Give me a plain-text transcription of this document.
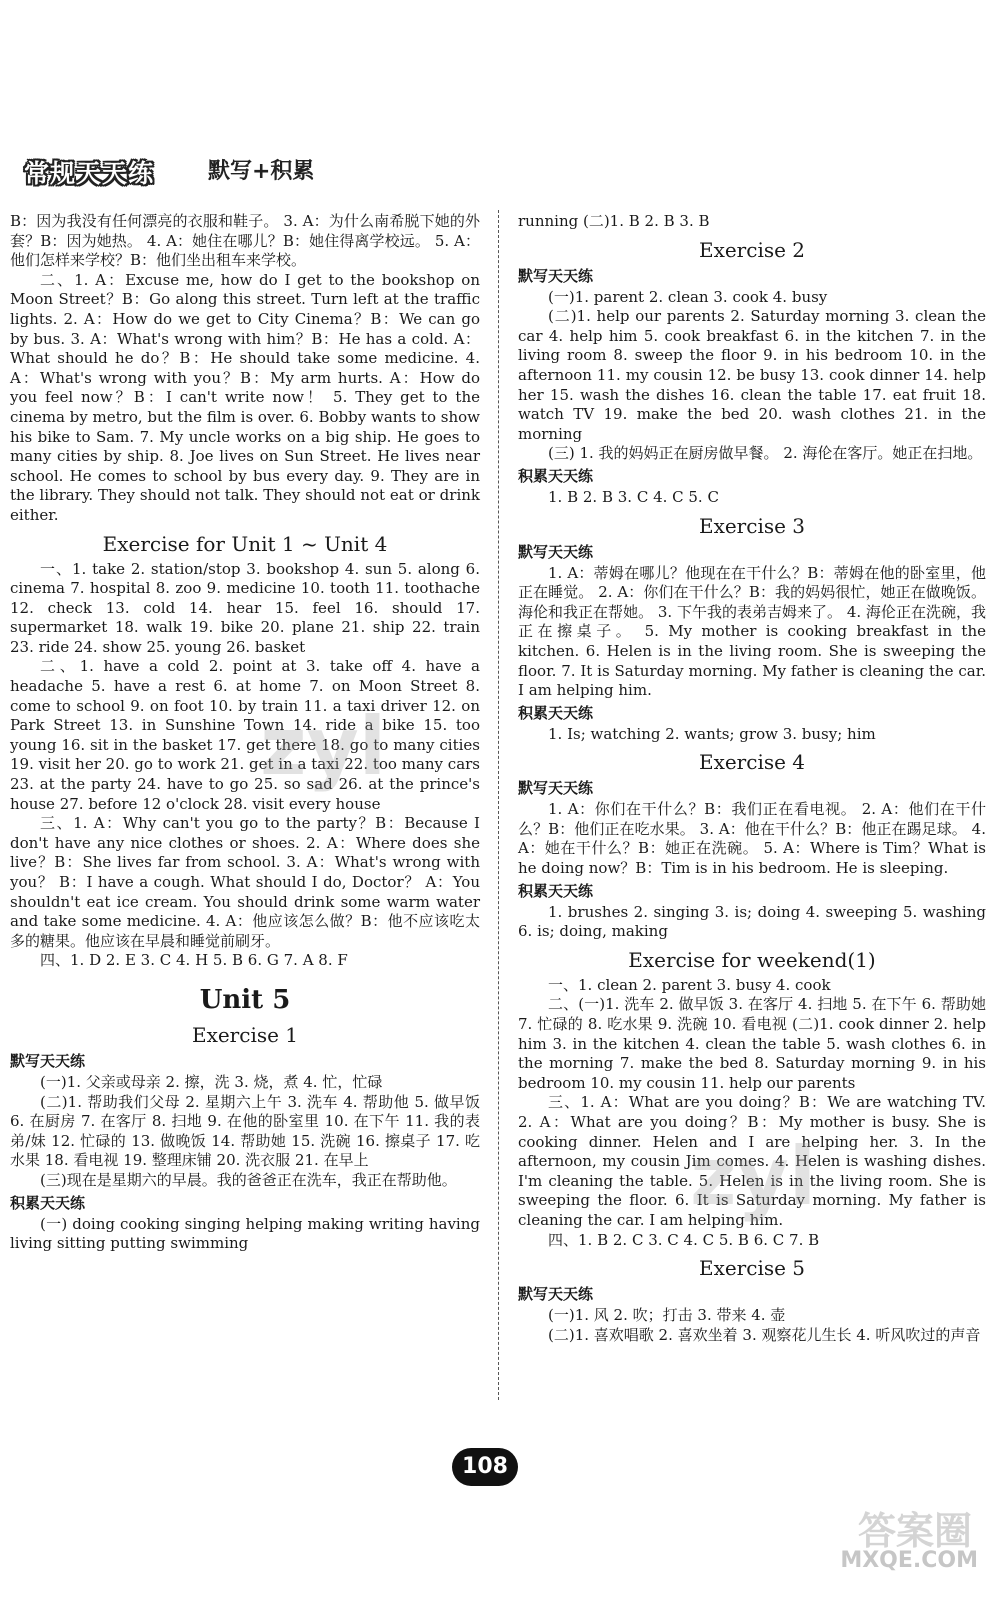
常规天天练 默写+积累

B：因为我没有任何漂亮的衣服和鞋子。 3. A：为什么南希脱下她的外套？B：因为她热。 4. A：她住在哪儿？B：她住得离学校远。 5. A：他们怎样来学校？B：他们坐出租车来学校。

二、1. A：Excuse me, how do I get to the bookshop on Moon Street？B：Go along this street. Turn left at the traffic lights. 2. A：How do we get to City Cinema？B：We can go by bus. 3. A：What's wrong with him？B：He has a cold. A：What should he do？B：He should take some medicine. 4. A：What's wrong with you？B：My arm hurts. A：How do you feel now？B：I can't write now！ 5. They get to the cinema by metro, but the film is over. 6. Bobby wants to show his bike to Sam. 7. My uncle works on a big ship. He goes to many cities by ship. 8. Joe lives on Sun Street. He lives near school. He comes to school by bus every day. 9. They are in the library. They should not talk. They should not eat or drink either.

Exercise for Unit 1 ~ Unit 4

一、1. take 2. station/stop 3. bookshop 4. sun 5. along 6. cinema 7. hospital 8. zoo 9. medicine 10. tooth 11. toothache 12. check 13. cold 14. hear 15. feel 16. should 17. supermarket 18. walk 19. bike 20. plane 21. ship 22. train 23. ride 24. show 25. young 26. basket

二、1. have a cold 2. point at 3. take off 4. have a headache 5. have a rest 6. at home 7. on Moon Street 8. come to school 9. on foot 10. by train 11. a taxi driver 12. on Park Street 13. in Sunshine Town 14. ride a bike 15. too young 16. sit in the basket 17. get there 18. go to many cities 19. visit her 20. go to work 21. get in a taxi 22. too many cars 23. at the party 24. have to go 25. so sad 26. at the prince's house 27. before 12 o'clock 28. visit every house

三、1. A：Why can't you go to the party？B：Because I don't have any nice clothes or shoes. 2. A：Where does she live？B：She lives far from school. 3. A：What's wrong with you？ B：I have a cough. What should I do, Doctor？ A：You shouldn't eat ice cream. You should drink some warm water and take some medicine. 4. A：他应该怎么做？B：他不应该吃太多的糖果。他应该在早晨和睡觉前刷牙。

四、1. D 2. E 3. C 4. H 5. B 6. G 7. A 8. F

Unit 5
Exercise 1
默写天天练

(一)1. 父亲或母亲 2. 擦，洗 3. 烧，煮 4. 忙，忙碌

(二)1. 帮助我们父母 2. 星期六上午 3. 洗车 4. 帮助他 5. 做早饭 6. 在厨房 7. 在客厅 8. 扫地 9. 在他的卧室里 10. 在下午 11. 我的表弟/妹 12. 忙碌的 13. 做晚饭 14. 帮助她 15. 洗碗 16. 擦桌子 17. 吃水果 18. 看电视 19. 整理床铺 20. 洗衣服 21. 在早上

(三)现在是星期六的早晨。我的爸爸正在洗车，我正在帮助他。

积累天天练

(一) doing cooking singing helping making writing having living sitting putting swimming

running (二)1. B 2. B 3. B

Exercise 2
默写天天练

(一)1. parent 2. clean 3. cook 4. busy

(二)1. help our parents 2. Saturday morning 3. clean the car 4. help him 5. cook breakfast 6. in the kitchen 7. in the living room 8. sweep the floor 9. in his bedroom 10. in the afternoon 11. my cousin 12. be busy 13. cook dinner 14. help her 15. wash the dishes 16. clean the table 17. eat fruit 18. watch TV 19. make the bed 20. wash clothes 21. in the morning

(三) 1. 我的妈妈正在厨房做早餐。 2. 海伦在客厅。她正在扫地。

积累天天练

1. B 2. B 3. C 4. C 5. C

Exercise 3
默写天天练

1. A：蒂姆在哪儿？他现在在干什么？B：蒂姆在他的卧室里，他正在睡觉。 2. A：你们在干什么？B：我的妈妈很忙，她正在做晚饭。海伦和我正在帮她。 3. 下午我的表弟吉姆来了。 4. 海伦正在洗碗，我正在擦桌子。 5. My mother is cooking breakfast in the kitchen. 6. Helen is in the living room. She is sweeping the floor. 7. It is Saturday morning. My father is cleaning the car. I am helping him.

积累天天练

1. Is; watching 2. wants; grow 3. busy; him

Exercise 4
默写天天练

1. A：你们在干什么？B：我们正在看电视。 2. A：他们在干什么？B：他们正在吃水果。 3. A：他在干什么？B：他正在踢足球。 4. A：她在干什么？B：她正在洗碗。 5. A：Where is Tim？What is he doing now？B：Tim is in his bedroom. He is sleeping.

积累天天练

1. brushes 2. singing 3. is; doing 4. sweeping 5. washing 6. is; doing, making

Exercise for weekend(1)

一、1. clean 2. parent 3. busy 4. cook

二、(一)1. 洗车 2. 做早饭 3. 在客厅 4. 扫地 5. 在下午 6. 帮助她 7. 忙碌的 8. 吃水果 9. 洗碗 10. 看电视 (二)1. cook dinner 2. help him 3. in the kitchen 4. clean the table 5. wash clothes 6. in the morning 7. make the bed 8. Saturday morning 9. in his bedroom 10. my cousin 11. help our parents

三、1. A：What are you doing？B：We are watching TV. 2. A：What are you doing？B：My mother is busy. She is cooking dinner. Helen and I are helping her. 3. In the afternoon, my cousin Jim comes. 4. Helen is washing dishes. I'm cleaning the table. 5. Helen is in the living room. She is sweeping the floor. 6. It is Saturday morning. My father is cleaning the car. I am helping him.

四、1. B 2. C 3. C 4. C 5. B 6. C 7. B

Exercise 5
默写天天练

(一)1. 风 2. 吹；打击 3. 带来 4. 壶

(二)1. 喜欢唱歌 2. 喜欢坐着 3. 观察花儿生长 4. 听风吹过的声音

zyl
zyl
答案圈
MXQE.COM
108
